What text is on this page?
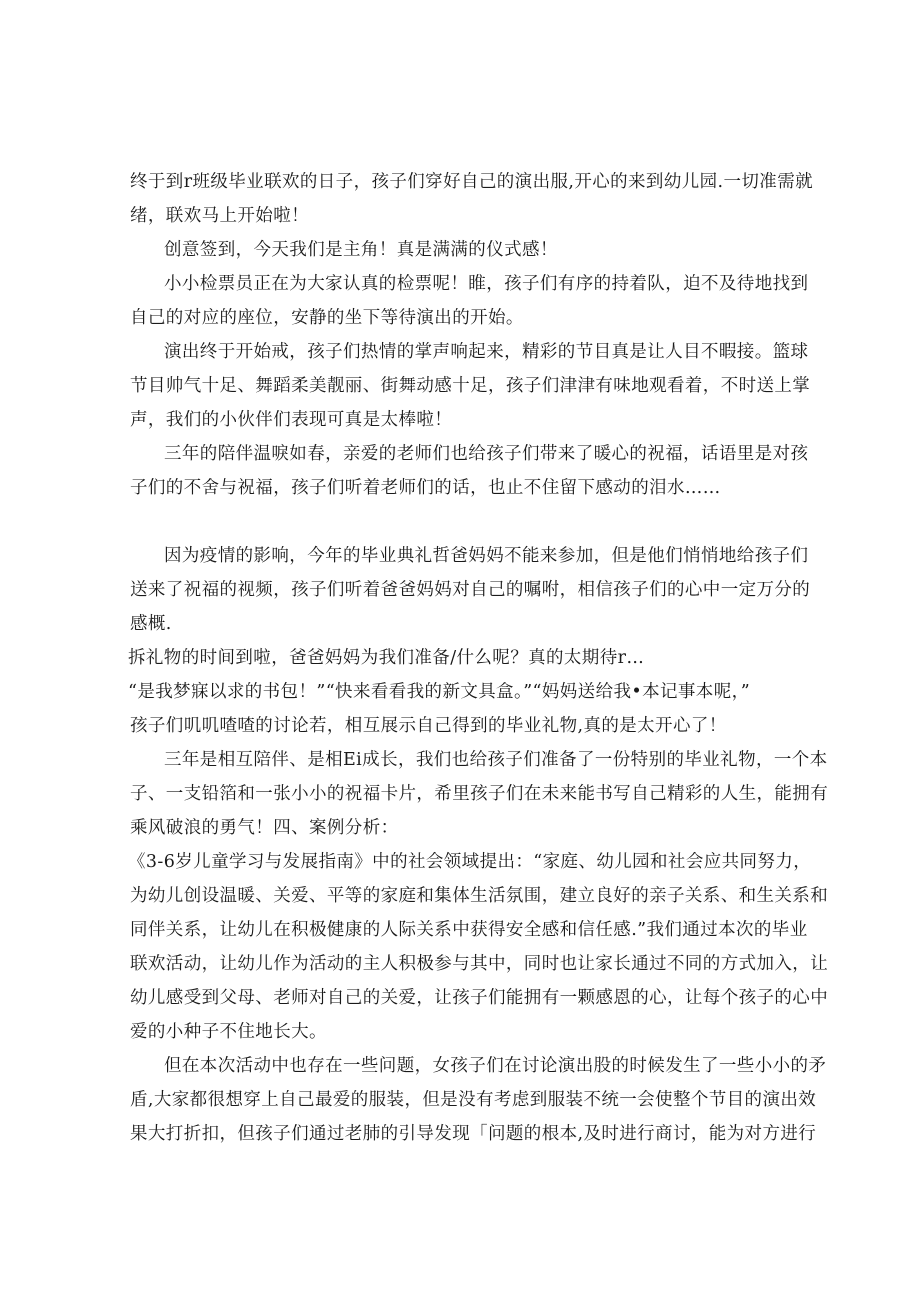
终于到r班级毕业联欢的日子，孩子们穿好自己的演出服,开心的来到幼儿园.一切准需就
绪，联欢马上开始啦！
创意签到，今天我们是主角！真是满满的仪式感！
小小检票员正在为大家认真的检票呢！睢，孩子们有序的持着队，迫不及待地找到
自己的对应的座位，安静的坐下等待演出的开始。
演出终于开始戒，孩子们热情的掌声响起来，精彩的节目真是让人目不暇接。篮球
节目帅气十足、舞蹈柔美靓丽、街舞动感十足，孩子们津津有味地观看着，不时送上掌
声，我们的小伙伴们表现可真是太棒啦！
三年的陪伴温唳如春，亲爱的老师们也给孩子们带来了暖心的祝福，话语里是对孩
子们的不舍与祝福，孩子们听着老师们的话，也止不住留下感动的泪水……
因为疫情的影响，今年的毕业典礼哲爸妈妈不能来参加，但是他们悄悄地给孩子们
送来了祝福的视频，孩子们听着爸爸妈妈对自己的嘱咐，相信孩子们的心中一定万分的
感概.
拆礼物的时间到啦，爸爸妈妈为我们准备/什么呢？真的太期待r…
“是我梦寐以求的书包！”“快来看看我的新文具盒。”“妈妈送给我•本记事本呢，”
孩子们叽叽喳喳的讨论若，相互展示自己得到的毕业礼物,真的是太开心了！
三年是相互陪伴、是相Ei成长，我们也给孩子们准备了一份特别的毕业礼物，一个本
子、一支铅箔和一张小小的祝福卡片，希里孩子们在未来能书写自己精彩的人生，能拥有
乘风破浪的勇气！四、案例分析：
《3-6岁儿童学习与发展指南》中的社会领域提出：“家庭、幼儿园和社会应共同努力，
为幼儿创设温暖、关爱、平等的家庭和集体生活氛围，建立良好的亲子关系、和生关系和
同伴关系，让幼儿在积极健康的人际关系中获得安全感和信任感.”我们通过本次的毕业
联欢活动，让幼儿作为活动的主人积极参与其中，同时也让家长通过不同的方式加入，让
幼儿感受到父母、老师对自己的关爱，让孩子们能拥有一颗感恩的心，让每个孩子的心中
爱的小种子不住地长大。
但在本次活动中也存在一些问题，女孩子们在讨论演出股的时候发生了一些小小的矛
盾,大家都很想穿上自己最爱的服装，但是没有考虑到服装不统一会使整个节目的演出效
果大打折扣，但孩子们通过老肺的引导发现「问题的根本,及时进行商讨，能为对方进行
